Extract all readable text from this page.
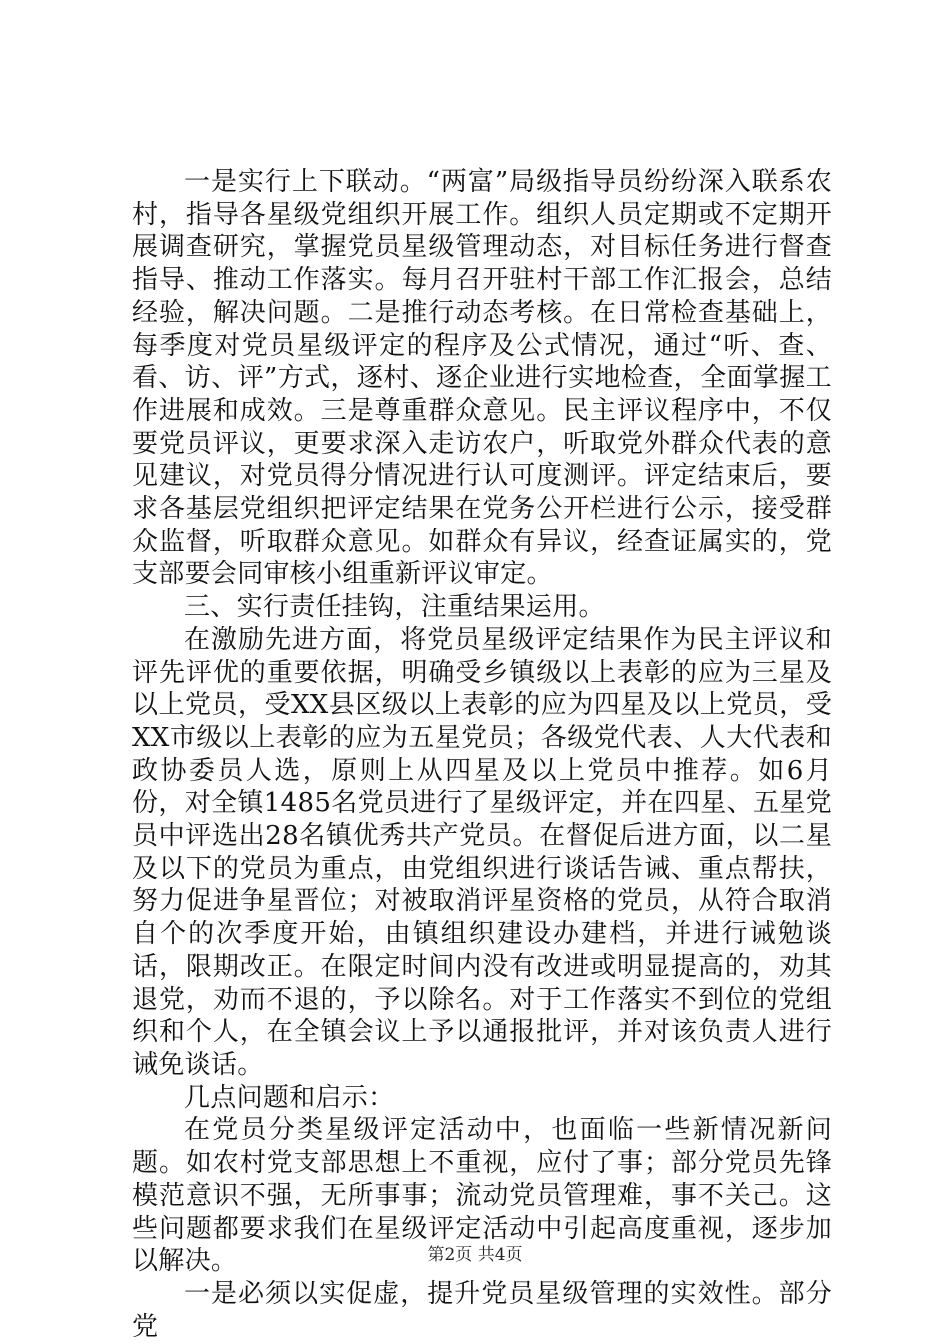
一是实行上下联动。“两富”局级指导员纷纷深入联系农村，指导各星级党组织开展工作。组织人员定期或不定期开展调查研究，掌握党员星级管理动态，对目标任务进行督查指导、推动工作落实。每月召开驻村干部工作汇报会，总结经验，解决问题。二是推行动态考核。在日常检查基础上，每季度对党员星级评定的程序及公式情况，通过“听、查、看、访、评”方式，逐村、逐企业进行实地检查，全面掌握工作进展和成效。三是尊重群众意见。民主评议程序中，不仅要党员评议，更要求深入走访农户，听取党外群众代表的意见建议，对党员得分情况进行认可度测评。评定结束后，要求各基层党组织把评定结果在党务公开栏进行公示，接受群众监督，听取群众意见。如群众有异议，经查证属实的，党支部要会同审核小组重新评议审定。

三、实行责任挂钩，注重结果运用。

在激励先进方面，将党员星级评定结果作为民主评议和评先评优的重要依据，明确受乡镇级以上表彰的应为三星及以上党员，受XX县区级以上表彰的应为四星及以上党员，受XX市级以上表彰的应为五星党员；各级党代表、人大代表和政协委员人选，原则上从四星及以上党员中推荐。如6月份，对全镇1485名党员进行了星级评定，并在四星、五星党员中评选出28名镇优秀共产党员。在督促后进方面，以二星及以下的党员为重点，由党组织进行谈话告诫、重点帮扶，努力促进争星晋位；对被取消评星资格的党员，从符合取消自个的次季度开始，由镇组织建设办建档，并进行诫勉谈话，限期改正。在限定时间内没有改进或明显提高的，劝其退党，劝而不退的，予以除名。对于工作落实不到位的党组织和个人，在全镇会议上予以通报批评，并对该负责人进行诫免谈话。

几点问题和启示：

在党员分类星级评定活动中，也面临一些新情况新问题。如农村党支部思想上不重视，应付了事；部分党员先锋模范意识不强，无所事事；流动党员管理难，事不关己。这些问题都要求我们在星级评定活动中引起高度重视，逐步加以解决。

一是必须以实促虚，提升党员星级管理的实效性。部分党

第2页 共4页
